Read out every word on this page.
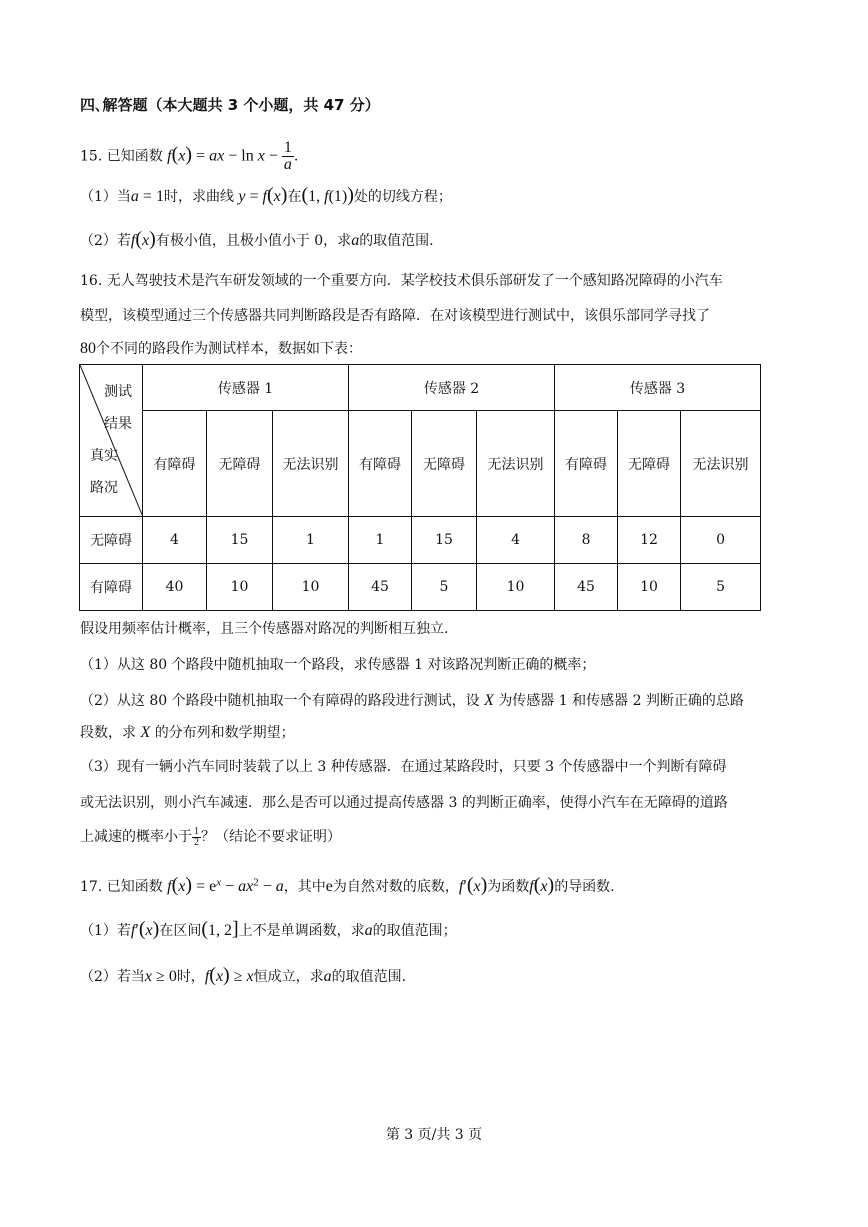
四､解答题（本大题共 3 个小题，共 47 分）
15. 已知函数 f(x) = ax − $\ln x - \frac{1}{a}$ .
（1）当a = 1时，求曲线 y = f(x)在(1, f(1))处的切线方程；
（2）若f(x)有极小值，且极小值小于 0，求a的取值范围.
16. 无人驾驶技术是汽车研发领域的一个重要方向．某学校技术俱乐部研发了一个感知路况障碍的小汽车
模型，该模型通过三个传感器共同判断路段是否有路障．在对该模型进行测试中，该俱乐部同学寻找了
80个不同的路段作为测试样本，数据如下表：
测试
结果
真实
路况	传感器 1			传感器 2			传感器 3		
	有障碍	无障碍	无法识别	有障碍	无障碍	无法识别	有障碍	无障碍	无法识别
无障碍	4	15	1	1	15	4	8	12	0
有障碍	40	10	10	45	5	10	45	10	5
假设用频率估计概率，且三个传感器对路况的判断相互独立.
（1）从这 80 个路段中随机抽取一个路段，求传感器 1 对该路况判断正确的概率；
（2）从这 80 个路段中随机抽取一个有障碍的路段进行测试，设 X 为传感器 1 和传感器 2 判断正确的总路
段数，求 X 的分布列和数学期望；
（3）现有一辆小汽车同时装载了以上 3 种传感器．在通过某路段时，只要 3 个传感器中一个判断有障碍
或无法识别，则小汽车减速．那么是否可以通过提高传感器 3 的判断正确率，使得小汽车在无障碍的道路
上减速的概率小于 $\frac{1}{2}$ ？（结论不要求证明）
17. 已知函数 $f(x) = e^x - ax^2 - a$，其中e为自然对数的底数，f′(x)为函数f(x)的导函数.
（1）若f′(x)在区间(1, 2]上不是单调函数，求a的取值范围；
（2）若当x ≥ 0时，f(x) ≥ x恒成立，求a的取值范围.
第 3 页/共 3 页
